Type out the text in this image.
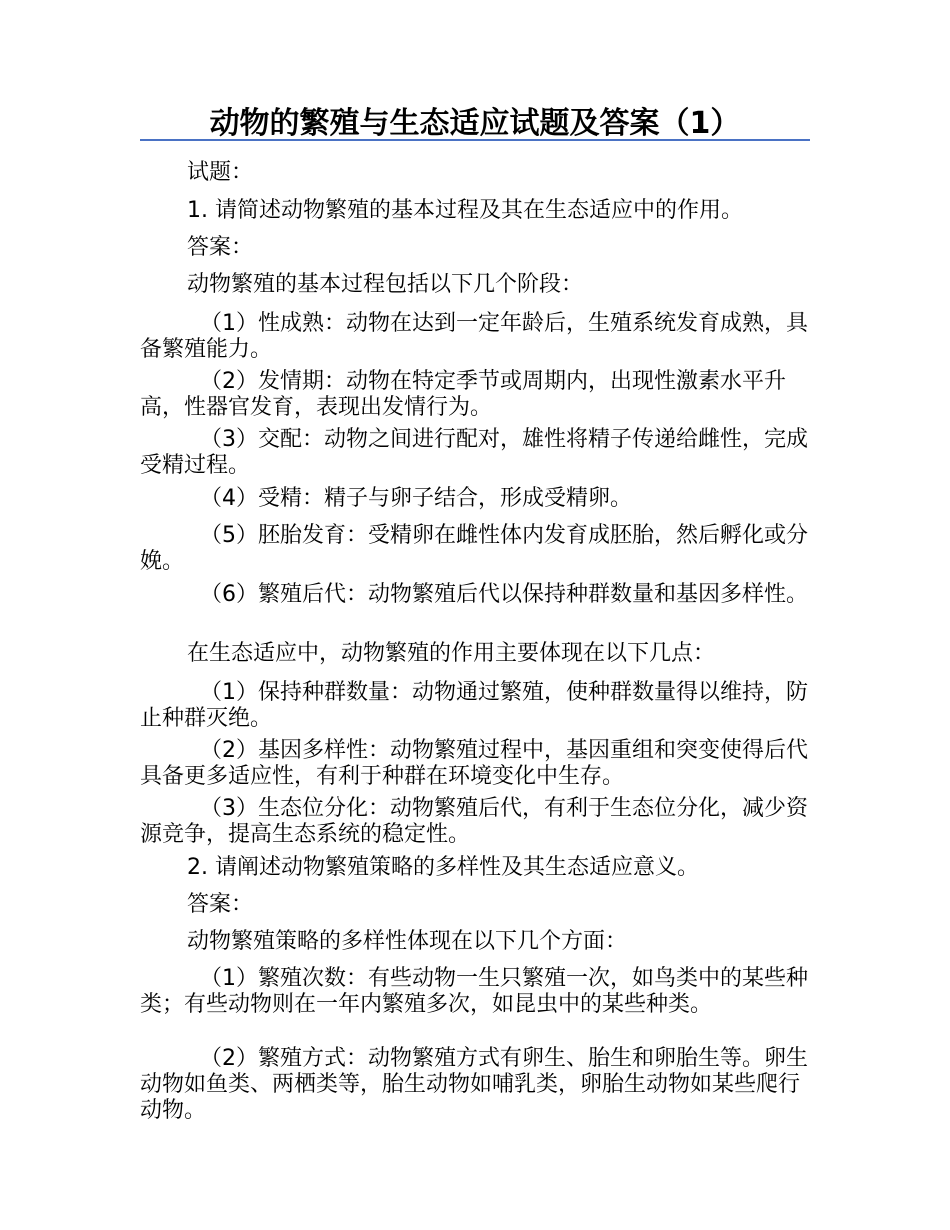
动物的繁殖与生态适应试题及答案（1）

试题：

1. 请简述动物繁殖的基本过程及其在生态适应中的作用。

答案：

动物繁殖的基本过程包括以下几个阶段：

（1）性成熟：动物在达到一定年龄后，生殖系统发育成熟，具备繁殖能力。

（2）发情期：动物在特定季节或周期内，出现性激素水平升高，性器官发育，表现出发情行为。

（3）交配：动物之间进行配对，雄性将精子传递给雌性，完成受精过程。

（4）受精：精子与卵子结合，形成受精卵。

（5）胚胎发育：受精卵在雌性体内发育成胚胎，然后孵化或分娩。

（6）繁殖后代：动物繁殖后代以保持种群数量和基因多样性。

在生态适应中，动物繁殖的作用主要体现在以下几点：

（1）保持种群数量：动物通过繁殖，使种群数量得以维持，防止种群灭绝。

（2）基因多样性：动物繁殖过程中，基因重组和突变使得后代具备更多适应性，有利于种群在环境变化中生存。

（3）生态位分化：动物繁殖后代，有利于生态位分化，减少资源竞争，提高生态系统的稳定性。

2. 请阐述动物繁殖策略的多样性及其生态适应意义。

答案：

动物繁殖策略的多样性体现在以下几个方面：

（1）繁殖次数：有些动物一生只繁殖一次，如鸟类中的某些种类；有些动物则在一年内繁殖多次，如昆虫中的某些种类。

（2）繁殖方式：动物繁殖方式有卵生、胎生和卵胎生等。卵生动物如鱼类、两栖类等，胎生动物如哺乳类，卵胎生动物如某些爬行动物。
